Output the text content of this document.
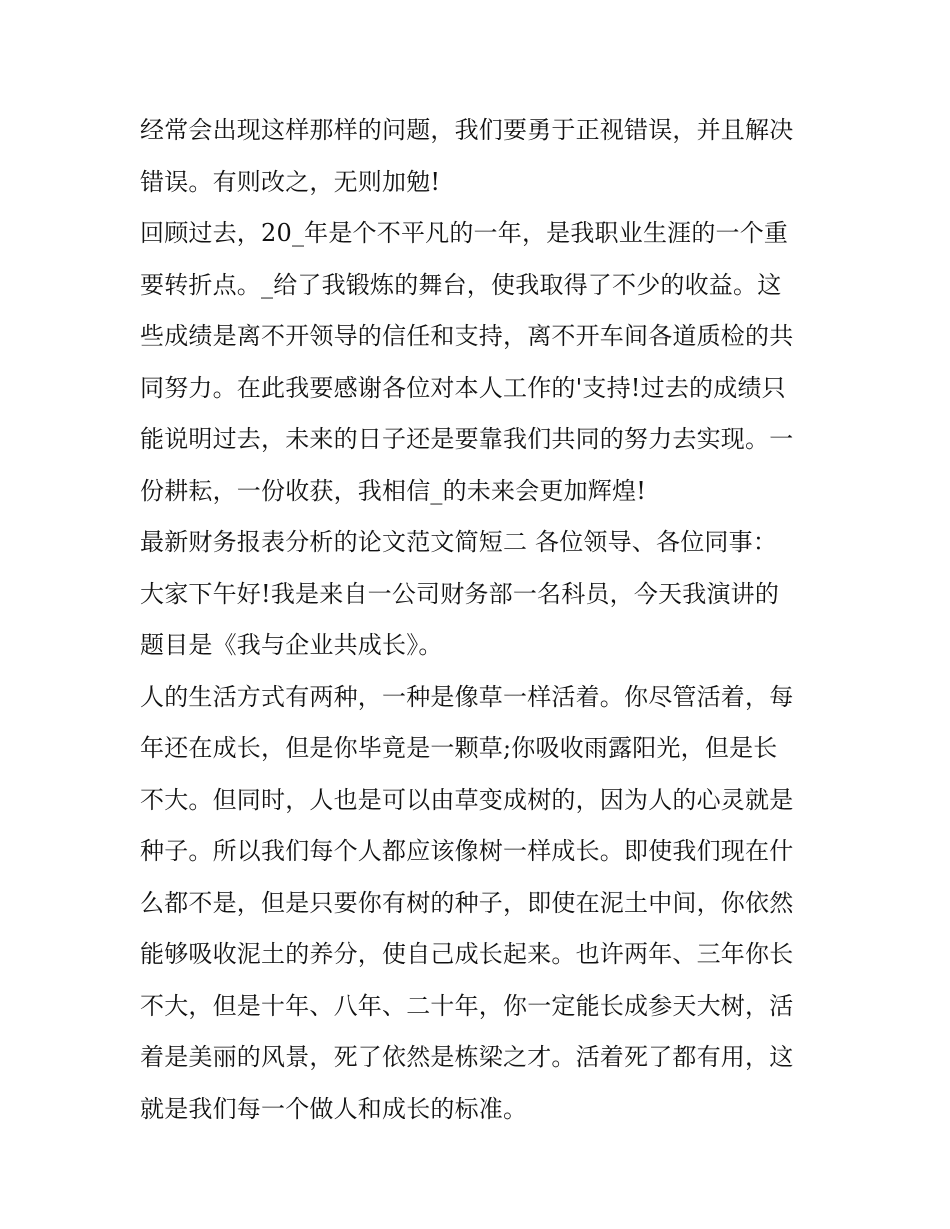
经常会出现这样那样的问题，我们要勇于正视错误，并且解决
错误。有则改之，无则加勉!
回顾过去，20_年是个不平凡的一年，是我职业生涯的一个重
要转折点。_给了我锻炼的舞台，使我取得了不少的收益。这
些成绩是离不开领导的信任和支持，离不开车间各道质检的共
同努力。在此我要感谢各位对本人工作的'支持!过去的成绩只
能说明过去，未来的日子还是要靠我们共同的努力去实现。一
份耕耘，一份收获，我相信_的未来会更加辉煌!
最新财务报表分析的论文范文简短二 各位领导、各位同事：
大家下午好!我是来自一公司财务部一名科员，今天我演讲的
题目是《我与企业共成长》。
人的生活方式有两种，一种是像草一样活着。你尽管活着，每
年还在成长，但是你毕竟是一颗草;你吸收雨露阳光，但是长
不大。但同时，人也是可以由草变成树的，因为人的心灵就是
种子。所以我们每个人都应该像树一样成长。即使我们现在什
么都不是，但是只要你有树的种子，即使在泥土中间，你依然
能够吸收泥土的养分，使自己成长起来。也许两年、三年你长
不大，但是十年、八年、二十年，你一定能长成参天大树，活
着是美丽的风景，死了依然是栋梁之才。活着死了都有用，这
就是我们每一个做人和成长的标准。
